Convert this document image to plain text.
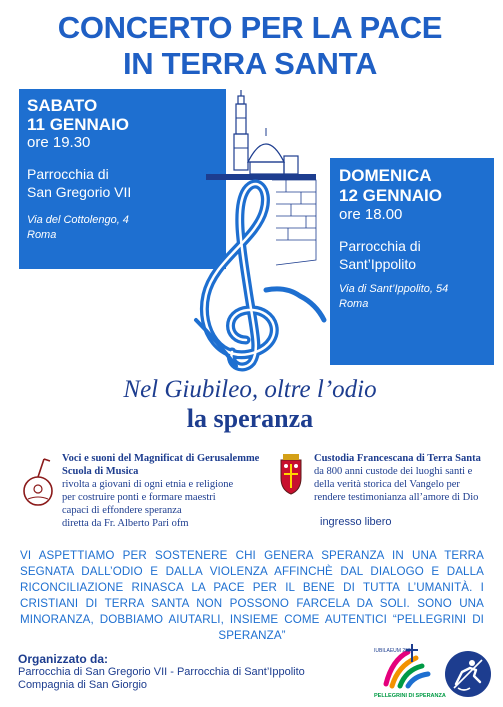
CONCERTO PER LA PACE
IN TERRA SANTA
SABATO
11 GENNAIO
ore 19.30
Parrocchia di
San Gregorio VII
Via del Cottolengo, 4
Roma
DOMENICA
12 GENNAIO
ore 18.00
Parrocchia di
Sant’Ippolito
Via di Sant’Ippolito, 54
Roma
Nel Giubileo, oltre l’odio
la speranza
Voci e suoni del Magnificat di Gerusalemme
Scuola di Musica
rivolta a giovani di ogni etnia e religione
per costruire ponti e formare maestri
capaci di effondere speranza
diretta da Fr. Alberto Pari ofm
Custodia Francescana di Terra Santa
da 800 anni custode dei luoghi santi e
della verità storica del Vangelo per
rendere testimonianza all’amore di Dio
ingresso libero
VI ASPETTIAMO PER SOSTENERE CHI GENERA SPERANZA IN UNA TERRA SEGNATA DALL’ODIO E DALLA VIOLENZA AFFINCHÈ DAL DIALOGO E DALLA RICONCILIAZIONE RINASCA LA PACE PER IL BENE DI TUTTA L’UMANITÀ. I CRISTIANI DI TERRA SANTA NON POSSONO FARCELA DA SOLI. SONO UNA MINORANZA, DOBBIAMO AIUTARLI, INSIEME COME AUTENTICI “PELLEGRINI DI SPERANZA”
Organizzato da:
Parrocchia di San Gregorio VII - Parrocchia di Sant’Ippolito
Compagnia di San Giorgio
IUBILAEUM 2025
PELLEGRINI DI SPERANZA
